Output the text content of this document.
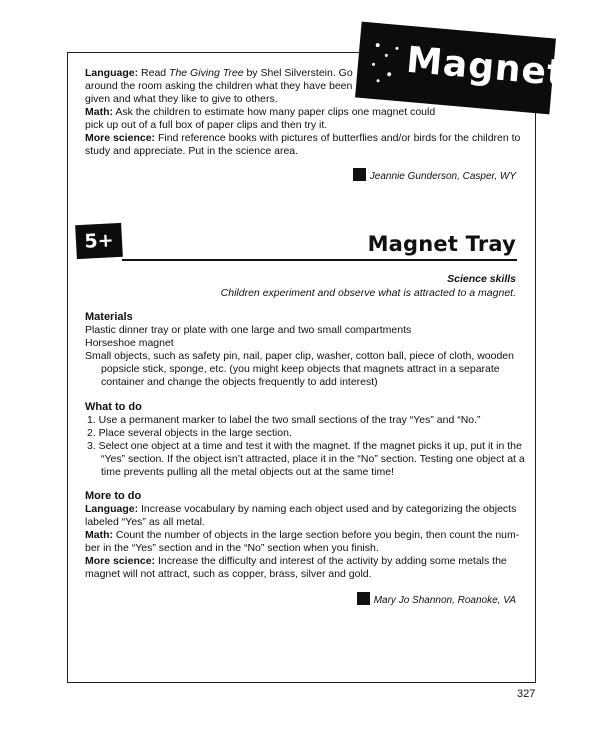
Magnets
Language: Read The Giving Tree by Shel Silverstein. Go
around the room asking the children what they have been
given and what they like to give to others.
Math: Ask the children to estimate how many paper clips one magnet could
pick up out of a full box of paper clips and then try it.
More science: Find reference books with pictures of butterflies and/or birds for the children to
study and appreciate. Put in the science area.
Jeannie Gunderson, Casper, WY
5+	Magnet Tray
Science skills
Children experiment and observe what is attracted to a magnet.
Materials
Plastic dinner tray or plate with one large and two small compartments
Horseshoe magnet
Small objects, such as safety pin, nail, paper clip, washer, cotton ball, piece of cloth, wooden
popsicle stick, sponge, etc. (you might keep objects that magnets attract in a separate
container and change the objects frequently to add interest)
What to do
1. Use a permanent marker to label the two small sections of the tray “Yes” and “No.”
2. Place several objects in the large section.
3. Select one object at a time and test it with the magnet. If the magnet picks it up, put it in the
“Yes” section. If the object isn’t attracted, place it in the “No” section. Testing one object at a
time prevents pulling all the metal objects out at the same time!
More to do
Language: Increase vocabulary by naming each object used and by categorizing the objects
labeled “Yes” as all metal.
Math: Count the number of objects in the large section before you begin, then count the num-
ber in the “Yes” section and in the “No” section when you finish.
More science: Increase the difficulty and interest of the activity by adding some metals the
magnet will not attract, such as copper, brass, silver and gold.
Mary Jo Shannon, Roanoke, VA
327
